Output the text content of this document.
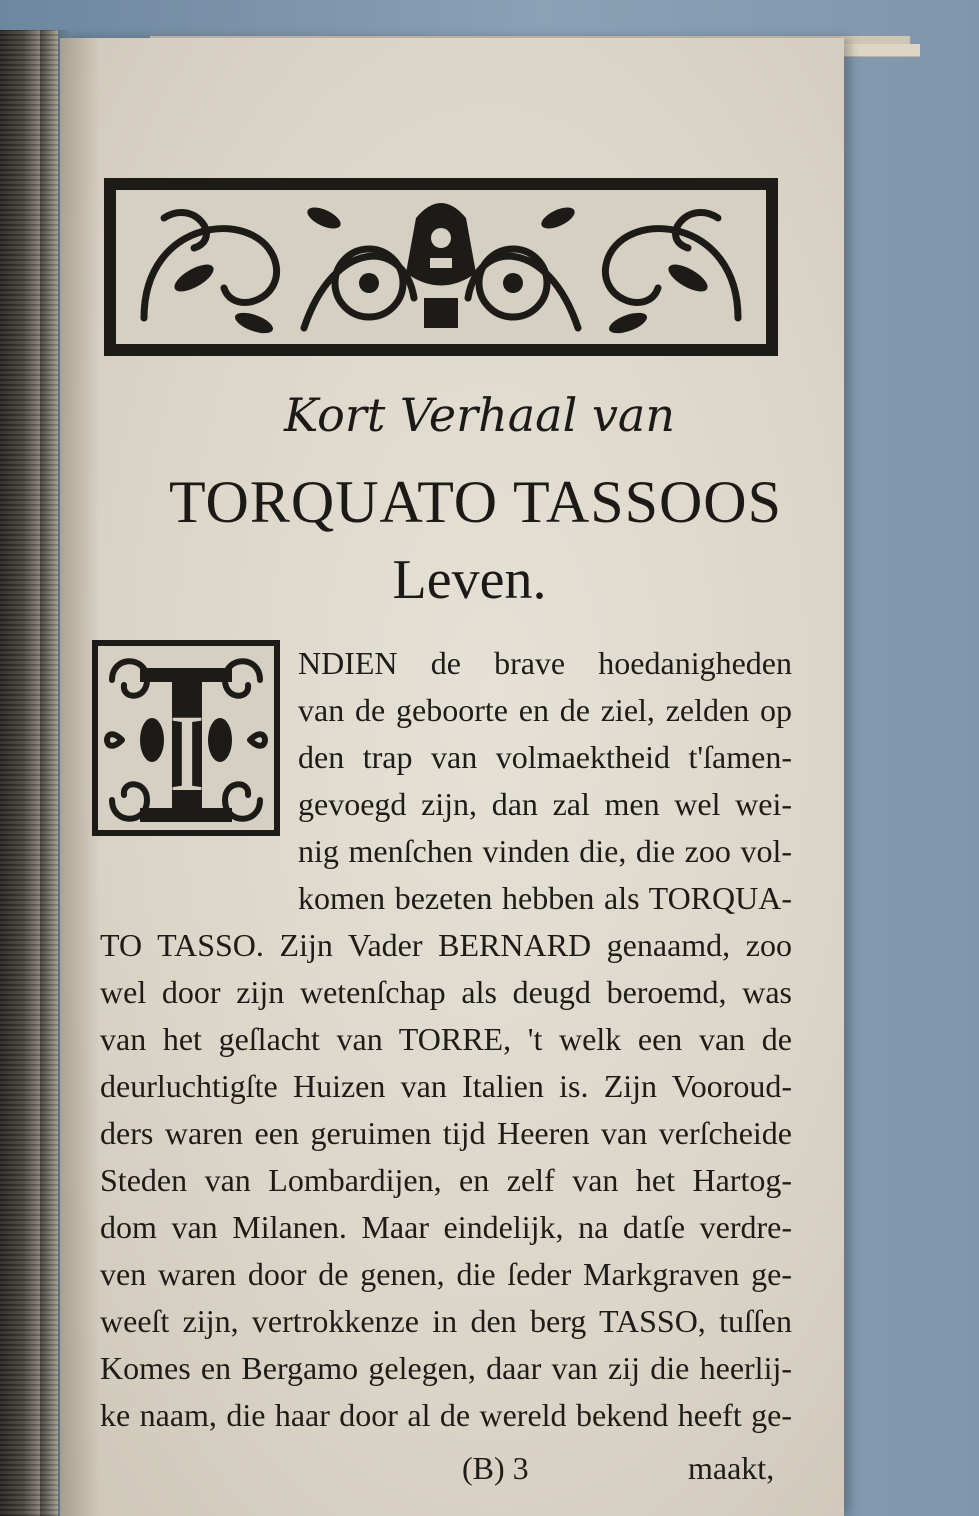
Kort Verhaal van
TORQUATO TASSOOS
Leven.
I
NDIEN de brave hoedanigheden
van de geboorte en de ziel, zelden op
den trap van volmaektheid t'ſamen-
gevoegd zijn, dan zal men wel wei-
nig menſchen vinden die, die zoo vol-
komen bezeten hebben als TORQUA-
TO TASSO. Zijn Vader BERNARD genaamd, zoo
wel door zijn wetenſchap als deugd beroemd, was
van het geſlacht van TORRE, 't welk een van de
deurluchtigſte Huizen van Italien is. Zijn Vooroud-
ders waren een geruimen tijd Heeren van verſcheide
Steden van Lombardijen, en zelf van het Hartog-
dom van Milanen. Maar eindelijk, na datſe verdre-
ven waren door de genen, die ſeder Markgraven ge-
weeſt zijn, vertrokkenze in den berg TASSO, tuſſen
Komes en Bergamo gelegen, daar van zij die heerlij-
ke naam, die haar door al de wereld bekend heeft ge-
(B) 3	maakt,
